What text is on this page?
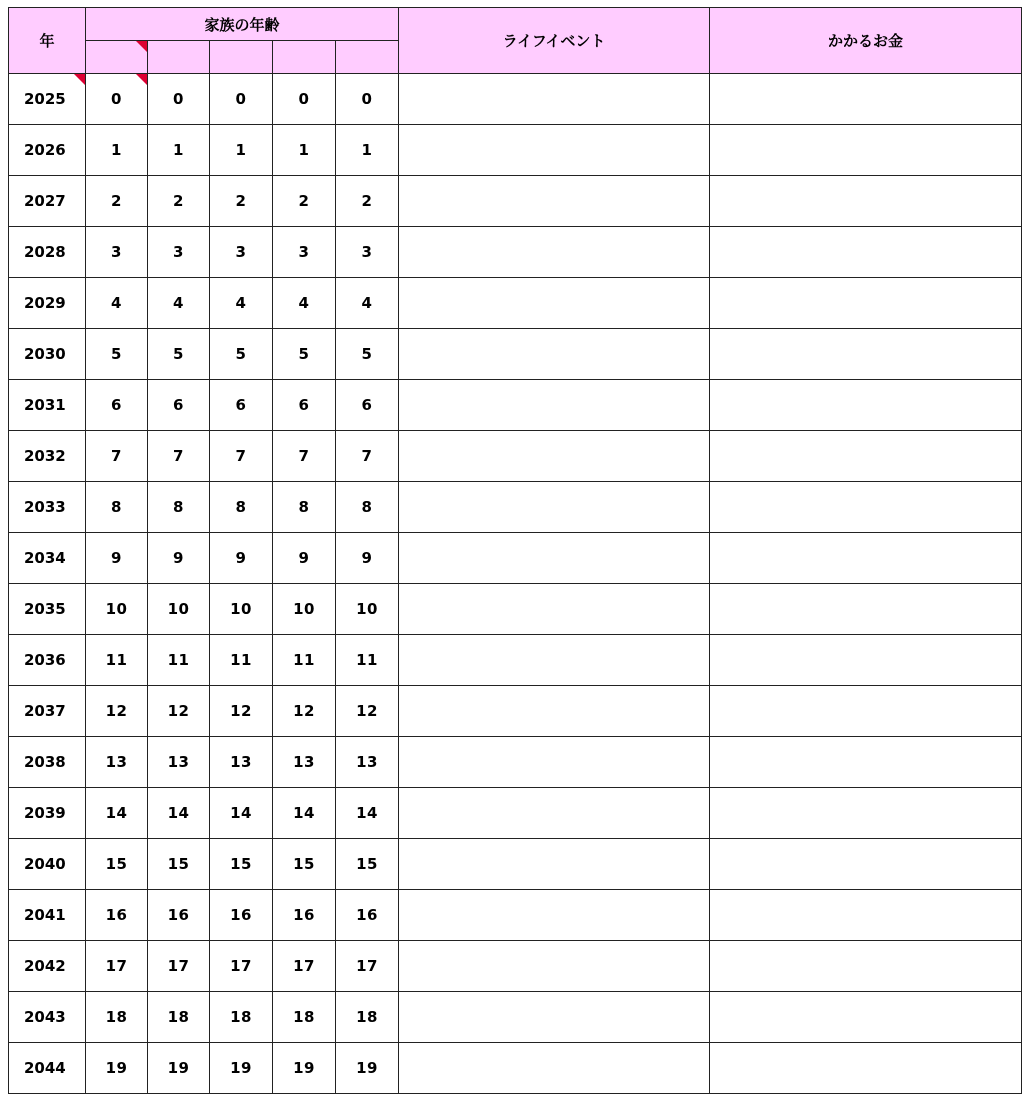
年	家族の年齢					ライフイベント	かかるお金

2025	0	0	0	0	0		
2026	1	1	1	1	1		
2027	2	2	2	2	2		
2028	3	3	3	3	3		
2029	4	4	4	4	4		
2030	5	5	5	5	5		
2031	6	6	6	6	6		
2032	7	7	7	7	7		
2033	8	8	8	8	8		
2034	9	9	9	9	9		
2035	10	10	10	10	10		
2036	11	11	11	11	11		
2037	12	12	12	12	12		
2038	13	13	13	13	13		
2039	14	14	14	14	14		
2040	15	15	15	15	15		
2041	16	16	16	16	16		
2042	17	17	17	17	17		
2043	18	18	18	18	18		
2044	19	19	19	19	19		
